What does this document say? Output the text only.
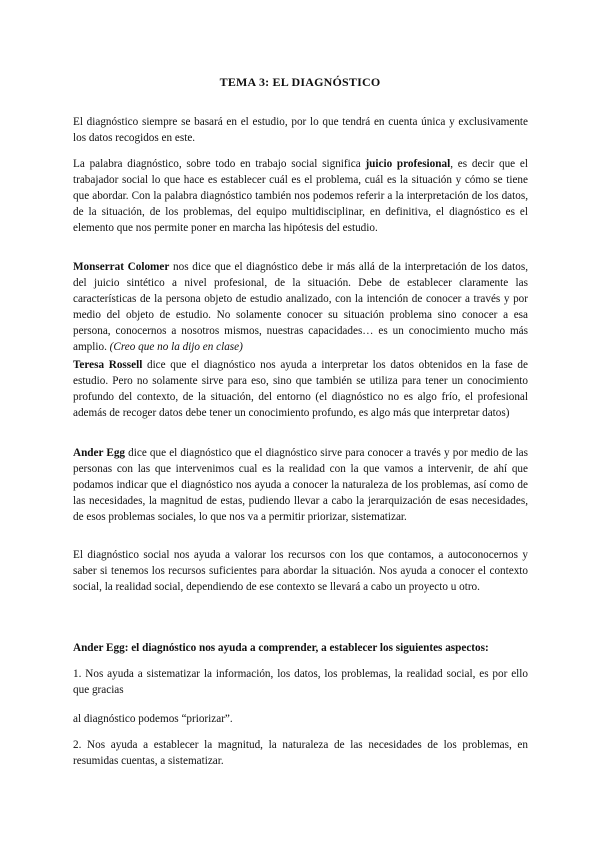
TEMA 3: EL DIAGNÓSTICO

El diagnóstico siempre se basará en el estudio, por lo que tendrá en cuenta única y exclusivamente los datos recogidos en este.

La palabra diagnóstico, sobre todo en trabajo social significa juicio profesional, es decir que el trabajador social lo que hace es establecer cuál es el problema, cuál es la situación y cómo se tiene que abordar. Con la palabra diagnóstico también nos podemos referir a la interpretación de los datos, de la situación, de los problemas, del equipo multidisciplinar, en definitiva, el diagnóstico es el elemento que nos permite poner en marcha las hipótesis del estudio.

Monserrat Colomer nos dice que el diagnóstico debe ir más allá de la interpretación de los datos, del juicio sintético a nivel profesional, de la situación. Debe de establecer claramente las características de la persona objeto de estudio analizado, con la intención de conocer a través y por medio del objeto de estudio. No solamente conocer su situación problema sino conocer a esa persona, conocernos a nosotros mismos, nuestras capacidades… es un conocimiento mucho más amplio. (Creo que no la dijo en clase)

Teresa Rossell dice que el diagnóstico nos ayuda a interpretar los datos obtenidos en la fase de estudio. Pero no solamente sirve para eso, sino que también se utiliza para tener un conocimiento profundo del contexto, de la situación, del entorno (el diagnóstico no es algo frío, el profesional además de recoger datos debe tener un conocimiento profundo, es algo más que interpretar datos)

Ander Egg dice que el diagnóstico que el diagnóstico sirve para conocer a través y por medio de las personas con las que intervenimos cual es la realidad con la que vamos a intervenir, de ahí que podamos indicar que el diagnóstico nos ayuda a conocer la naturaleza de los problemas, así como de las necesidades, la magnitud de estas, pudiendo llevar a cabo la jerarquización de esas necesidades, de esos problemas sociales, lo que nos va a permitir priorizar, sistematizar.

El diagnóstico social nos ayuda a valorar los recursos con los que contamos, a autoconocernos y saber si tenemos los recursos suficientes para abordar la situación. Nos ayuda a conocer el contexto social, la realidad social, dependiendo de ese contexto se llevará a cabo un proyecto u otro.

Ander Egg: el diagnóstico nos ayuda a comprender, a establecer los siguientes aspectos:

1. Nos ayuda a sistematizar la información, los datos, los problemas, la realidad social, es por ello que gracias

al diagnóstico podemos “priorizar”.

2. Nos ayuda a establecer la magnitud, la naturaleza de las necesidades de los problemas, en resumidas cuentas, a sistematizar.
